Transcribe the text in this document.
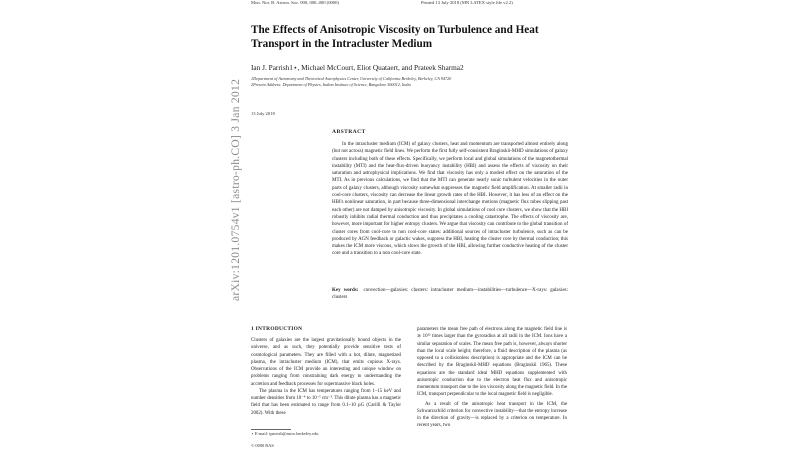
arXiv:1201.0754v1 [astro-ph.CO] 3 Jan 2012
Mon. Not. R. Astron. Soc. 000, 000–000 (0000)	Printed 13 July 2018 (MN LATEX style file v2.2)
The Effects of Anisotropic Viscosity on Turbulence and Heat Transport in the Intracluster Medium
Ian J. Parrish1⋆, Michael McCourt, Eliot Quataert, and Prateek Sharma2
1Department of Astronomy and Theoretical Astrophysics Center, University of California Berkeley, Berkeley, CA 94720
2Present Address: Department of Physics, Indian Institute of Science, Bangalore 560012, India
13 July 2018
ABSTRACT

In the intracluster medium (ICM) of galaxy clusters, heat and momentum are transported almost entirely along (but not across) magnetic field lines. We perform the first fully self-consistent Braginskii-MHD simulations of galaxy clusters including both of these effects. Specifically, we perform local and global simulations of the magnetothermal instability (MTI) and the heat-flux-driven buoyancy instability (HBI) and assess the effects of viscosity on their saturation and astrophysical implications. We find that viscosity has only a modest effect on the saturation of the MTI. As in previous calculations, we find that the MTI can generate nearly sonic turbulent velocities in the outer parts of galaxy clusters, although viscosity somewhat suppresses the magnetic field amplification. At smaller radii in cool-core clusters, viscosity can decrease the linear growth rates of the HBI. However, it has less of an effect on the HBI's nonlinear saturation, in part because three-dimensional interchange motions (magnetic flux tubes slipping past each other) are not damped by anisotropic viscosity. In global simulations of cool core clusters, we show that the HBI robustly inhibits radial thermal conduction and thus precipitates a cooling catastrophe. The effects of viscosity are, however, more important for higher entropy clusters. We argue that viscosity can contribute to the global transition of cluster cores from cool-core to non cool-core states: additional sources of intracluster turbulence, such as can be produced by AGN feedback or galactic wakes, suppress the HBI, heating the cluster core by thermal conduction; this makes the ICM more viscous, which slows the growth of the HBI, allowing further conductive heating of the cluster core and a transition to a non cool-core state.

Key words: convection—galaxies: clusters: intracluster medium—instabilities—turbulence—X-rays: galaxies: clusters
1 INTRODUCTION

Clusters of galaxies are the largest gravitationally bound objects in the universe, and as such, they potentially provide sensitive tests of cosmological parameters. They are filled with a hot, dilute, magnetized plasma, the intracluster medium (ICM), that emits copious X-rays. Observations of the ICM provide an interesting and unique window on problems ranging from constraining dark energy to understanding the accretion and feedback processes for supermassive black holes.

The plasma in the ICM has temperatures ranging from 1–15 keV and number densities from 10⁻⁴ to 10⁻¹ cm⁻³. This dilute plasma has a magnetic field that has been estimated to range from 0.1–10 µG (Carilli & Taylor 2002). With these

parameters the mean free path of electrons along the magnetic field line is ≳ 10¹² times larger than the gyroradius at all radii in the ICM. Ions have a similar separation of scales. The mean free path is, however, always shorter than the local scale height; therefore, a fluid description of the plasma (as opposed to a collisionless description) is appropriate and the ICM can be described by the Braginskii-MHD equations (Braginskii 1965). These equations are the standard ideal MHD equations supplemented with anisotropic conduction due to the electron heat flux and anisotropic momentum transport due to the ion viscosity along the magnetic field. In the ICM, transport perpendicular to the local magnetic field is negligible.

As a result of the anisotropic heat transport in the ICM, the Schwarzschild criterion for convective instability—that the entropy increase in the direction of gravity—is replaced by a criterion on temperature. In recent years, two

⋆ E-mail: iparrish@astro.berkeley.edu
© 0000 RAS
